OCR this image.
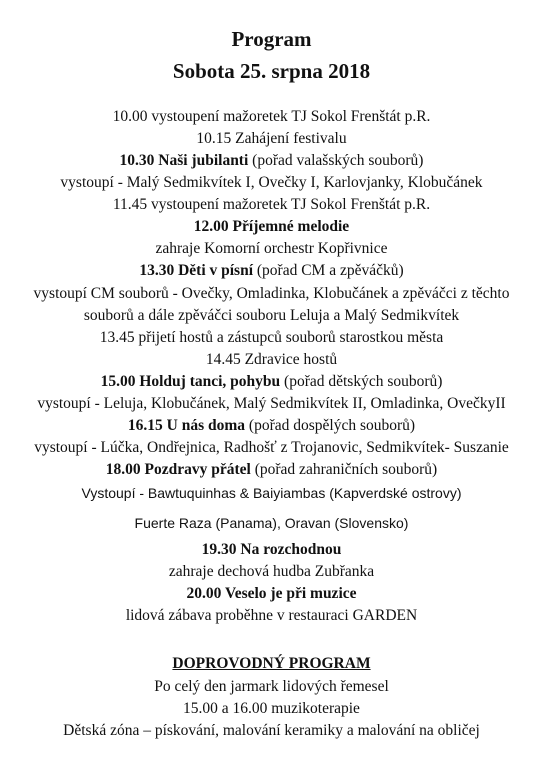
Program
Sobota 25. srpna 2018
10.00 vystoupení mažoretek TJ Sokol Frenštát p.R.
10.15 Zahájení festivalu
10.30 Naši jubilanti (pořad valašských souborů)
vystoupí - Malý Sedmikvítek I, Ovečky I, Karlovjanky, Klobučánek
11.45 vystoupení mažoretek TJ Sokol Frenštát p.R.
12.00 Příjemné melodie
zahraje Komorní orchestr Kopřivnice
13.30 Děti v písní (pořad CM a zpěváčků)
vystoupí CM souborů - Ovečky, Omladinka, Klobučánek a zpěváčci z těchto
souborů a dále zpěváčci souboru Leluja a Malý Sedmikvítek
13.45 přijetí hostů a zástupců souborů starostkou města
14.45 Zdravice hostů
15.00 Holduj tanci, pohybu (pořad dětských souborů)
vystoupí - Leluja, Klobučánek, Malý Sedmikvítek II, Omladinka, OvečkyII
16.15 U nás doma (pořad dospělých souborů)
vystoupí - Lúčka, Ondřejnica, Radhošť z Trojanovic, Sedmikvítek- Suszanie
18.00 Pozdravy přátel (pořad zahraničních souborů)
Vystoupí - Bawtuquinhas & Baiyiambas (Kapverdské ostrovy)
Fuerte Raza (Panama), Oravan (Slovensko)
19.30 Na rozchodnou
zahraje dechová hudba Zubřanka
20.00 Veselo je při muzice
lidová zábava proběhne v restauraci GARDEN
DOPROVODNÝ PROGRAM
Po celý den jarmark lidových řemesel
15.00 a 16.00 muzikoterapie
Dětská zóna – pískování, malování keramiky a malování na obličej
